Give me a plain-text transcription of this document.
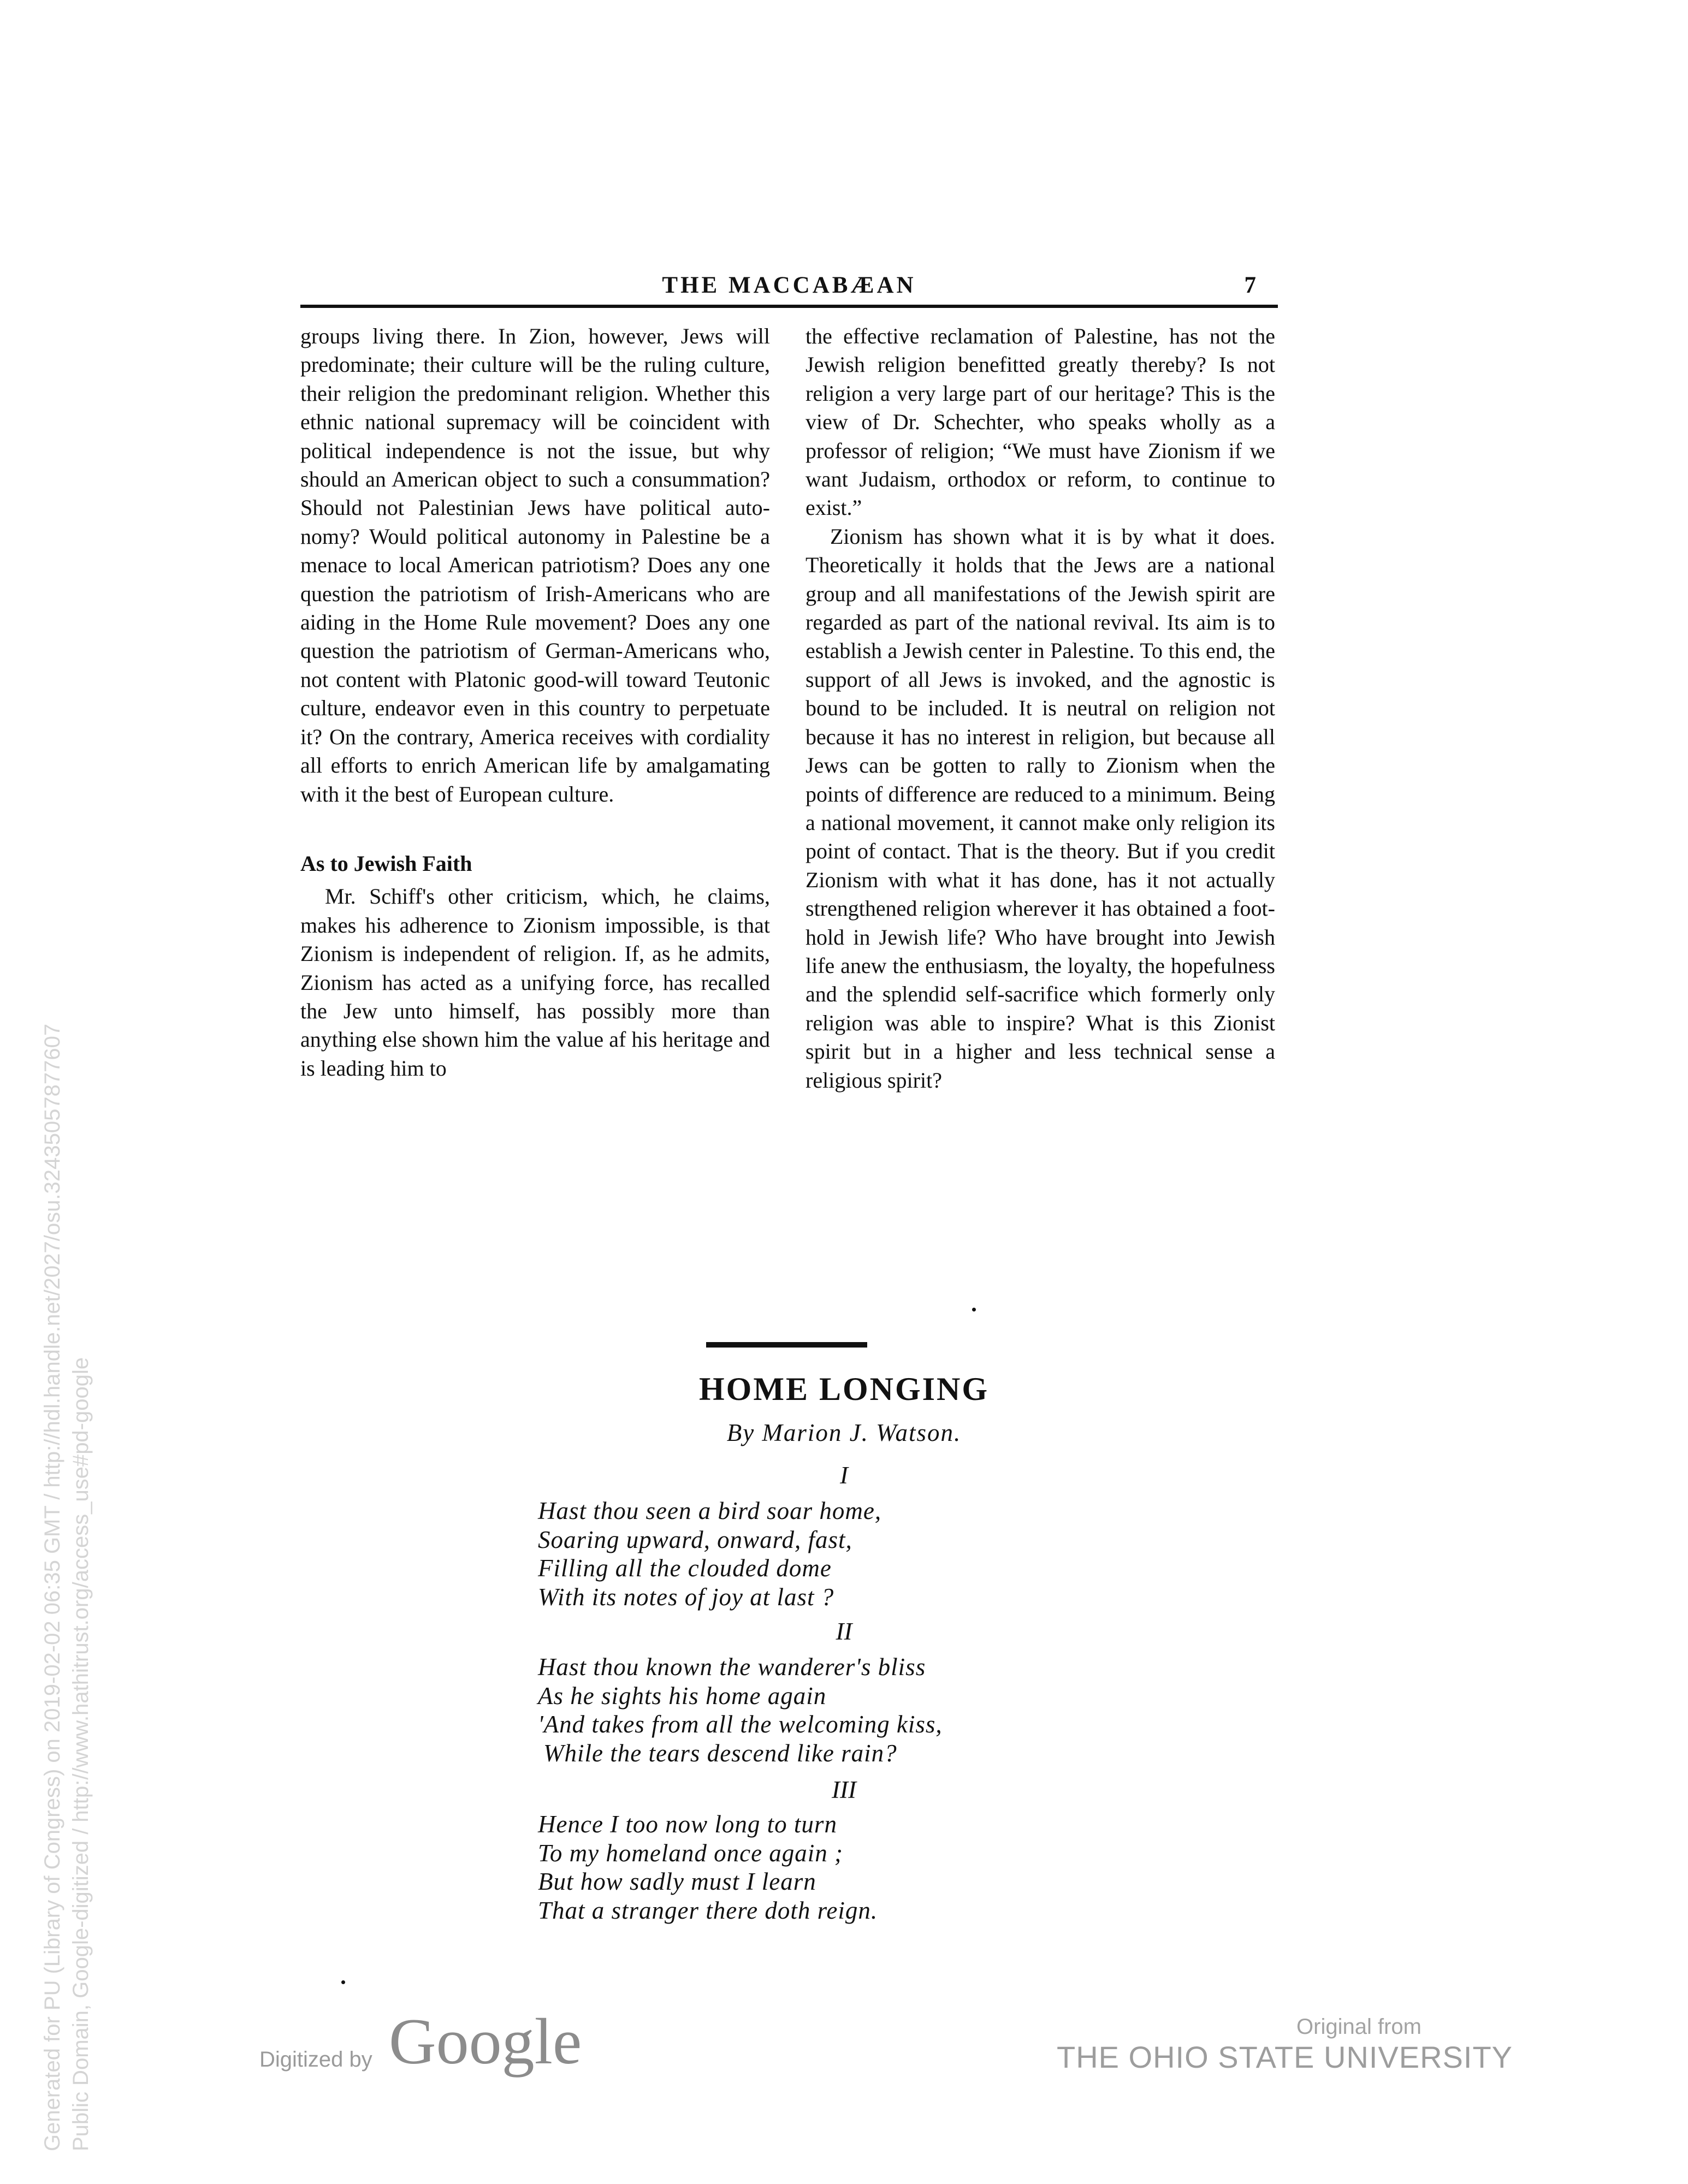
THE MACCABÆAN	7

groups living there. In Zion, however, Jews will predominate; their culture will be the ruling culture, their religion the predominant religion. Whether this ethnic national supremacy will be coincident with political independence is not the issue, but why should an American object to such a consummation? Should not Palestinian Jews have political autonomy? Would political autonomy in Palestine be a menace to local American patriotism? Does any one question the patriotism of Irish-Americans who are aiding in the Home Rule movement? Does any one question the patriotism of German-Americans who, not content with Platonic good-will toward Teutonic culture, endeavor even in this country to perpetuate it? On the contrary, America receives with cordiality all efforts to enrich American life by amalgamating with it the best of European culture.

As to Jewish Faith

Mr. Schiff's other criticism, which, he claims, makes his adherence to Zionism impossible, is that Zionism is independent of religion. If, as he admits, Zionism has acted as a unifying force, has recalled the Jew unto himself, has possibly more than anything else shown him the value af his heritage and is leading him to

the effective reclamation of Palestine, has not the Jewish religion benefitted greatly thereby? Is not religion a very large part of our heritage? This is the view of Dr. Schechter, who speaks wholly as a professor of religion; “We must have Zionism if we want Judaism, orthodox or reform, to continue to exist.”

Zionism has shown what it is by what it does. Theoretically it holds that the Jews are a national group and all manifestations of the Jewish spirit are regarded as part of the national revival. Its aim is to establish a Jewish center in Palestine. To this end, the support of all Jews is invoked, and the agnostic is bound to be included. It is neutral on religion not because it has no interest in religion, but because all Jews can be gotten to rally to Zionism when the points of difference are reduced to a minimum. Being a national movement, it cannot make only religion its point of contact. That is the theory. But if you credit Zionism with what it has done, has it not actually strengthened religion wherever it has obtained a foothold in Jewish life? Who have brought into Jewish life anew the enthusiasm, the loyalty, the hopefulness and the splendid self-sacrifice which formerly only religion was able to inspire? What is this Zionist spirit but in a higher and less technical sense a religious spirit?

HOME LONGING
By Marion J. Watson.
I
Hast thou seen a bird soar home,
Soaring upward, onward, fast,
Filling all the clouded dome
With its notes of joy at last ?
II
Hast thou known the wanderer's bliss
As he sights his home again
'And takes from all the welcoming kiss,
While the tears descend like rain?
III
Hence I too now long to turn
To my homeland once again ;
But how sadly must I learn
That a stranger there doth reign.
Digitized by Google	Original from
THE OHIO STATE UNIVERSITY
Generated for PU (Library of Congress) on 2019-02-02 06:35 GMT / http://hdl.handle.net/2027/osu.32435057877607 Public Domain, Google-digitized / http://www.hathitrust.org/access_use#pd-google
